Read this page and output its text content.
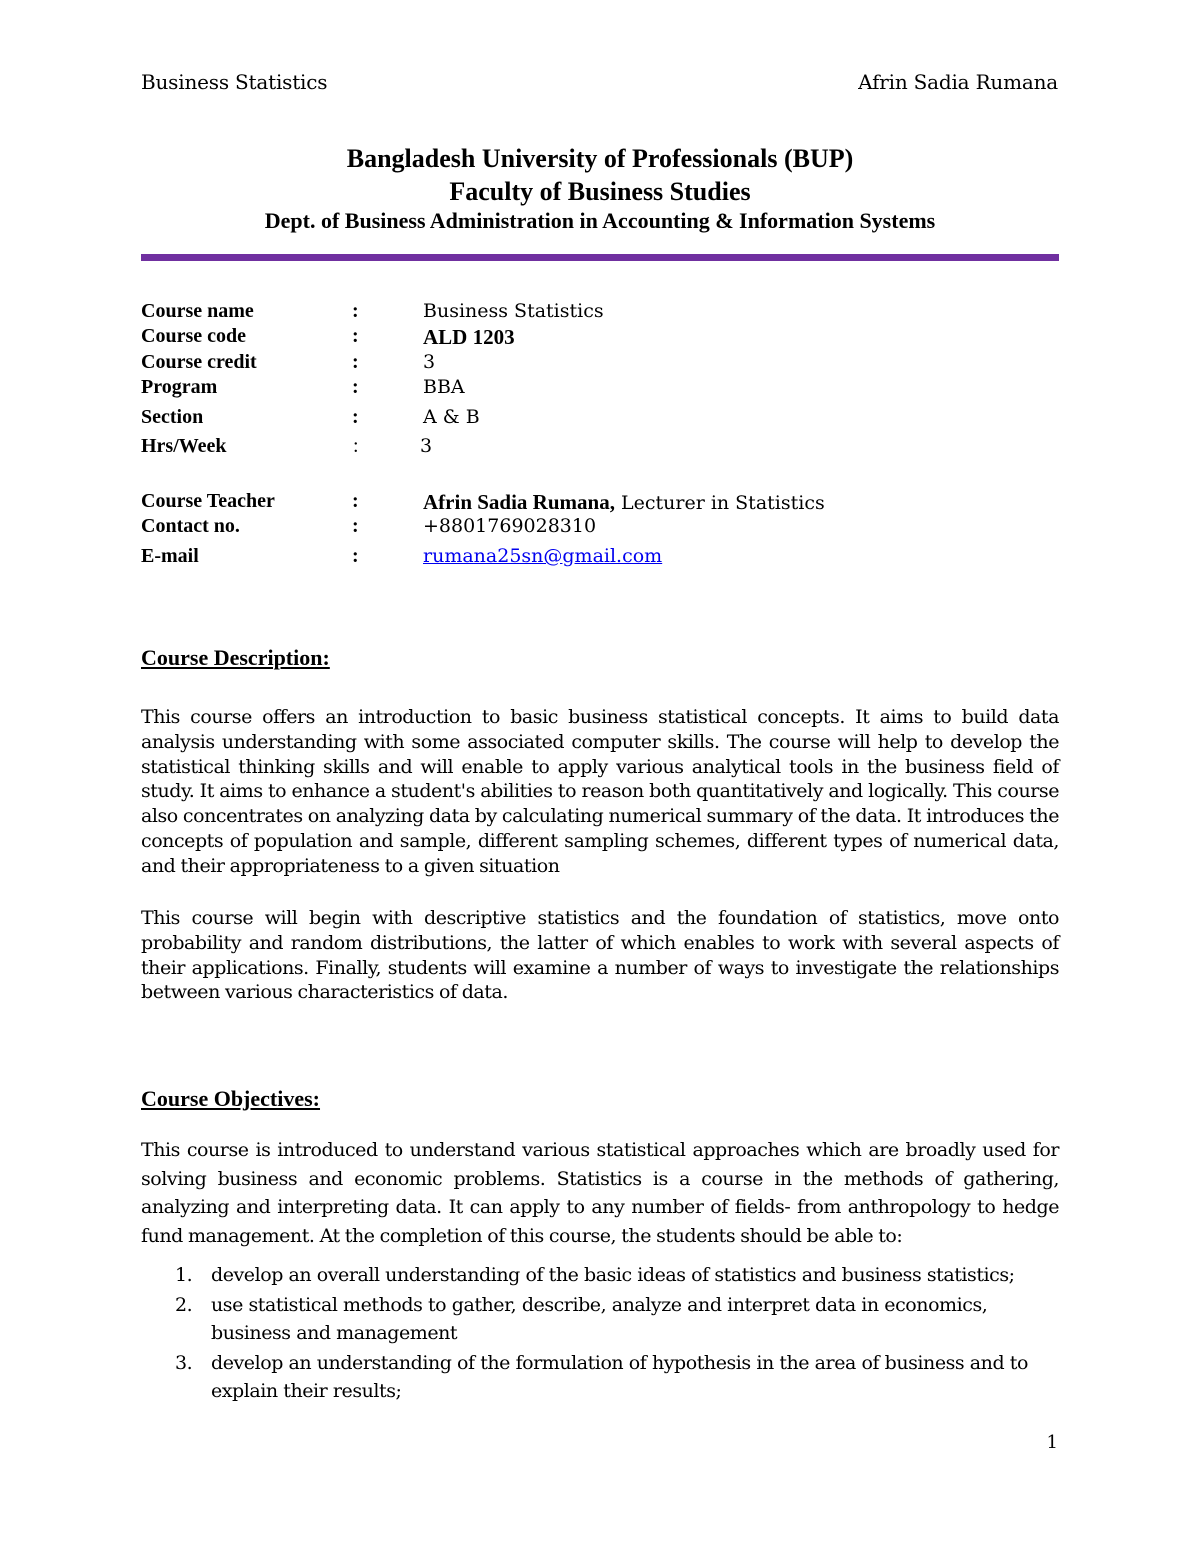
Business Statistics	Afrin Sadia Rumana
Bangladesh University of Professionals (BUP)
Faculty of Business Studies
Dept. of Business Administration in Accounting & Information Systems
Course name	:	Business Statistics
Course code	:	ALD 1203
Course credit	:	3
Program	:	BBA
Section	:	A & B
Hrs/Week	:	3
Course Teacher	:	Afrin Sadia Rumana, Lecturer in Statistics
Contact no.	:	+8801769028310
E-mail	:	rumana25sn@gmail.com
Course Description:
This course offers an introduction to basic business statistical concepts. It aims to build data analysis understanding with some associated computer skills. The course will help to develop the statistical thinking skills and will enable to apply various analytical tools in the business field of study. It aims to enhance a student's abilities to reason both quantitatively and logically. This course also concentrates on analyzing data by calculating numerical summary of the data. It introduces the concepts of population and sample, different sampling schemes, different types of numerical data, and their appropriateness to a given situation
This course will begin with descriptive statistics and the foundation of statistics, move onto probability and random distributions, the latter of which enables to work with several aspects of their applications. Finally, students will examine a number of ways to investigate the relationships between various characteristics of data.
Course Objectives:
This course is introduced to understand various statistical approaches which are broadly used for solving business and economic problems. Statistics is a course in the methods of gathering, analyzing and interpreting data. It can apply to any number of fields- from anthropology to hedge fund management. At the completion of this course, the students should be able to:
1. develop an overall understanding of the basic ideas of statistics and business statistics;
2. use statistical methods to gather, describe, analyze and interpret data in economics, business and management
3. develop an understanding of the formulation of hypothesis in the area of business and to explain their results;
1
